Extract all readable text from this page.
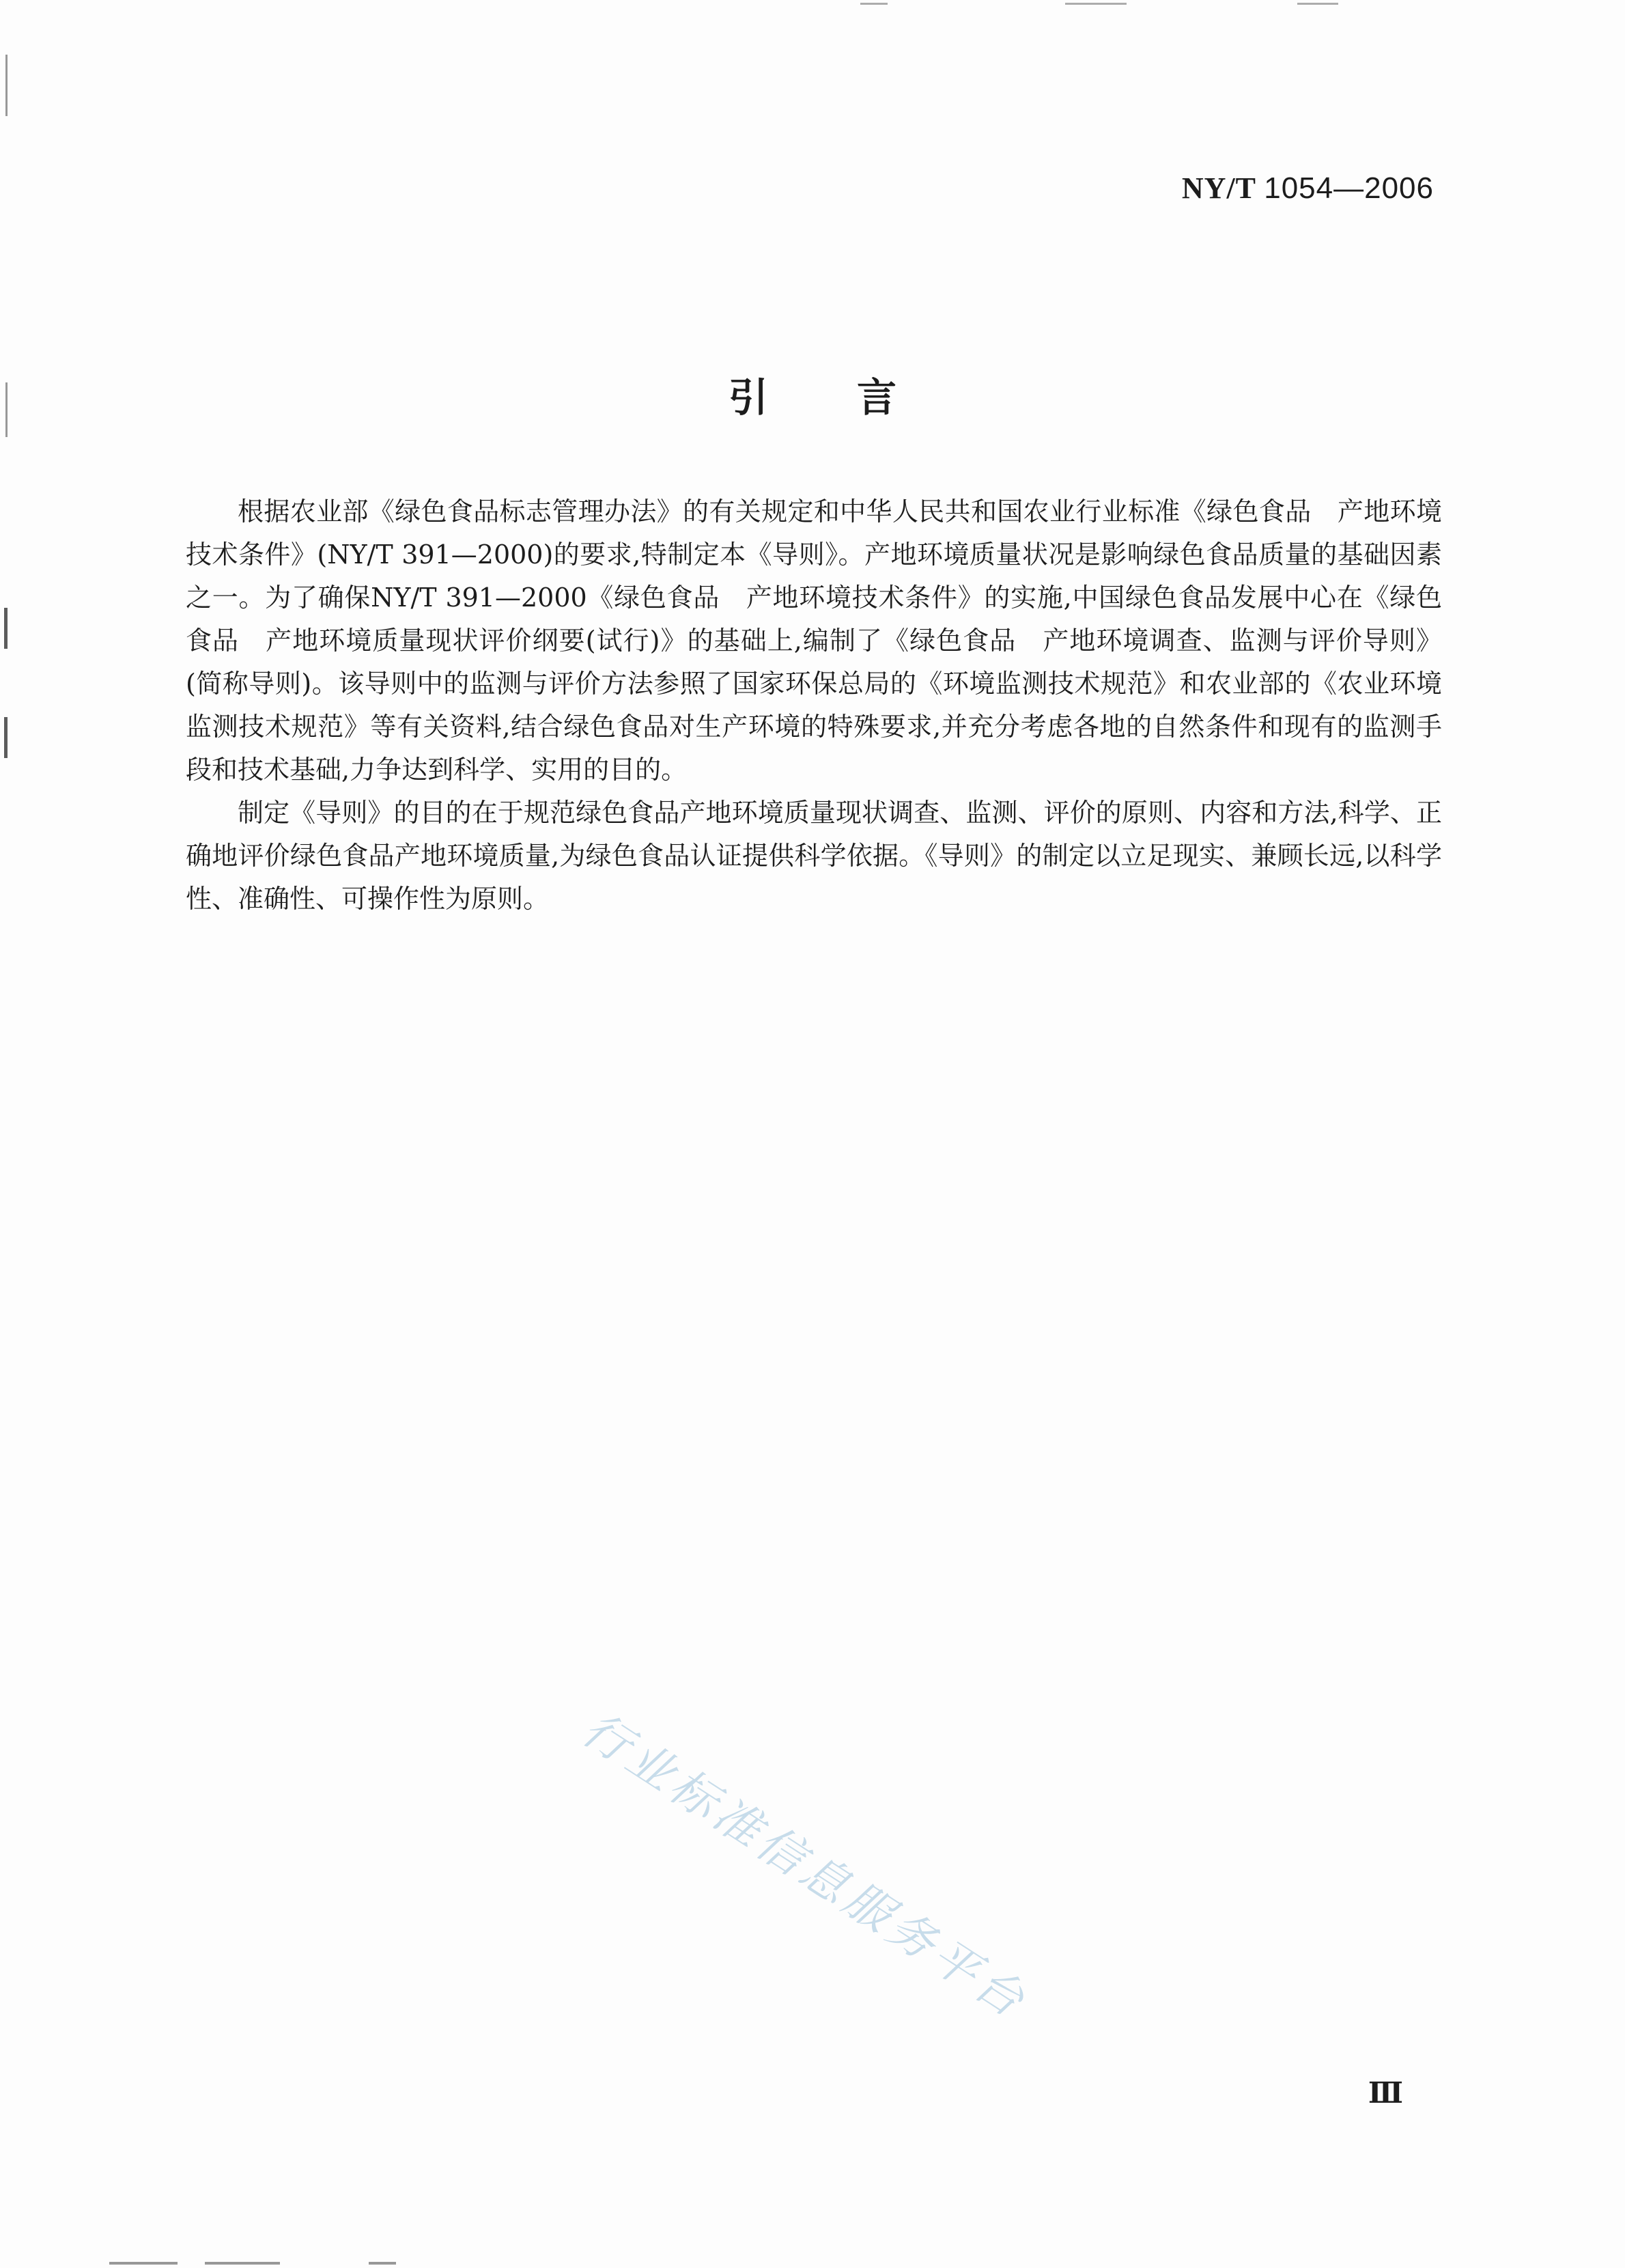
NY/T 1054—2006
引言

根据农业部《绿色食品标志管理办法》的有关规定和中华人民共和国农业行业标准《绿色食品　产地环境技术条件》(NY/T 391—2000)的要求,特制定本《导则》。产地环境质量状况是影响绿色食品质量的基础因素之一。为了确保NY/T 391—2000《绿色食品　产地环境技术条件》的实施,中国绿色食品发展中心在《绿色食品　产地环境质量现状评价纲要(试行)》的基础上,编制了《绿色食品　产地环境调查、监测与评价导则》(简称导则)。该导则中的监测与评价方法参照了国家环保总局的《环境监测技术规范》和农业部的《农业环境监测技术规范》等有关资料,结合绿色食品对生产环境的特殊要求,并充分考虑各地的自然条件和现有的监测手段和技术基础,力争达到科学、实用的目的。

制定《导则》的目的在于规范绿色食品产地环境质量现状调查、监测、评价的原则、内容和方法,科学、正确地评价绿色食品产地环境质量,为绿色食品认证提供科学依据。《导则》的制定以立足现实、兼顾长远,以科学性、准确性、可操作性为原则。

行业标准信息服务平台
Ⅲ
